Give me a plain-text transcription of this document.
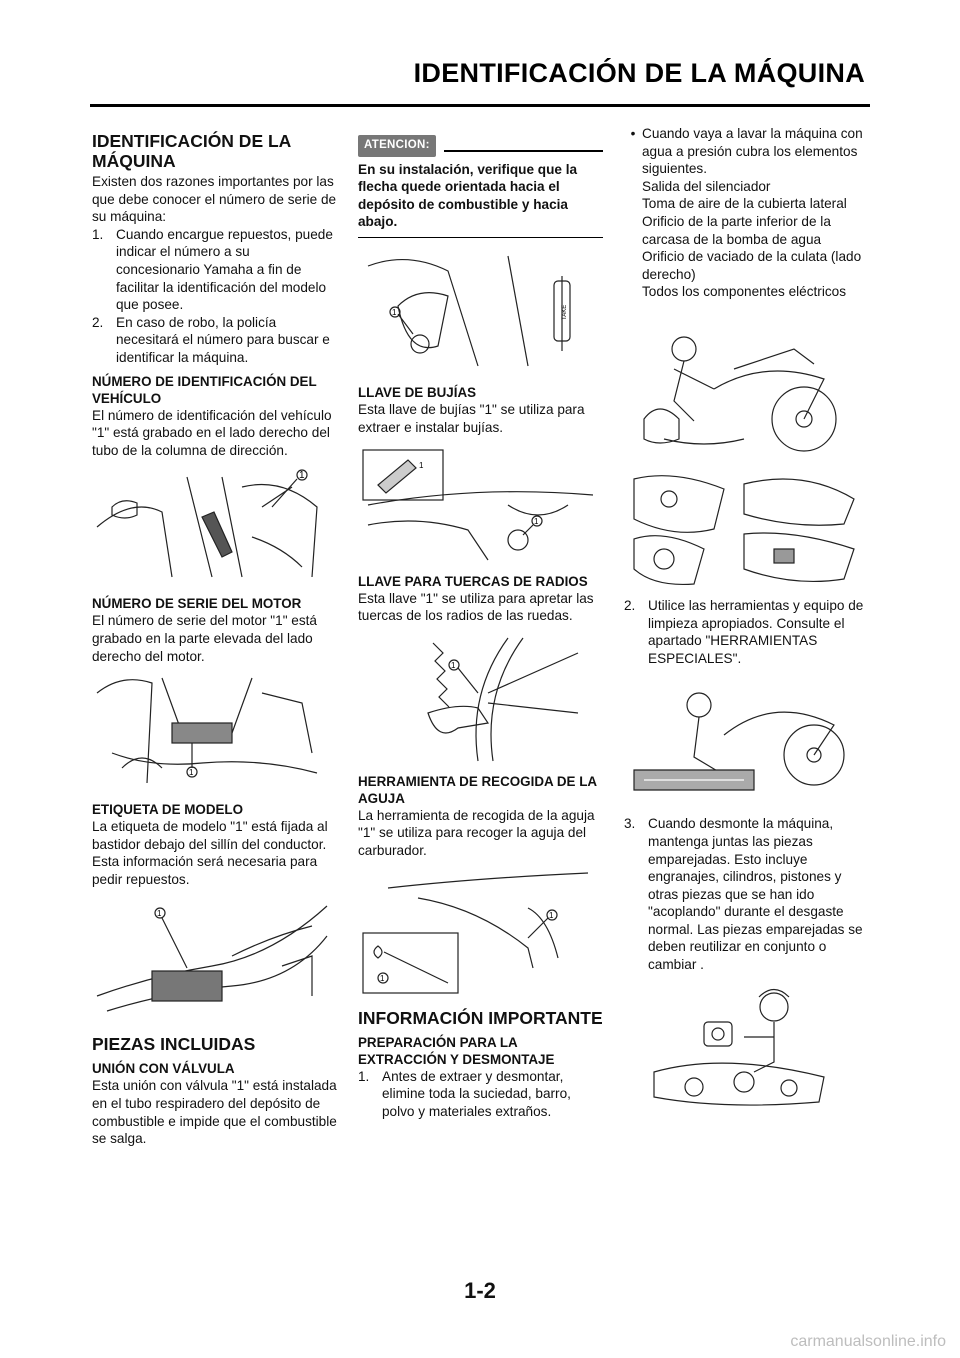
IDENTIFICACIÓN DE LA MÁQUINA
IDENTIFICACIÓN DE LA MÁQUINA

Existen dos razones importantes por las que debe conocer el número de serie de su máquina:

1. Cuando encargue repuestos, puede indicar el número a su concesionario Yamaha a fin de facilitar la identificación del modelo que posee.
2. En caso de robo, la policía necesitará el número para buscar e identificar la máquina.
NÚMERO DE IDENTIFICACIÓN DEL VEHÍCULO

El número de identificación del vehículo "1" está grabado en el lado derecho del tubo de la columna de dirección.

1
NÚMERO DE SERIE DEL MOTOR

El número de serie del motor "1" está grabado en la parte elevada del lado derecho del motor.

1
ETIQUETA DE MODELO

La etiqueta de modelo "1" está fijada al bastidor debajo del sillín del conductor. Esta información será necesaria para pedir repuestos.

1
PIEZAS INCLUIDAS
UNIÓN CON VÁLVULA

Esta unión con válvula "1" está instalada en el tubo respiradero del depósito de combustible e impide que el combustible se salga.

ATENCION:

En su instalación, verifique que la flecha quede orientada hacia el depósito de combustible y hacia abajo.

TAKE
1
LLAVE DE BUJÍAS

Esta llave de bujías "1" se utiliza para extraer e instalar bujías.

1
1
LLAVE PARA TUERCAS DE RADIOS

Esta llave "1" se utiliza para apretar las tuercas de los radios de las ruedas.

1
HERRAMIENTA DE RECOGIDA DE LA AGUJA

La herramienta de recogida de la aguja "1" se utiliza para recoger la aguja del carburador.

1
1
INFORMACIÓN IMPORTANTE
PREPARACIÓN PARA LA EXTRACCIÓN Y DESMONTAJE
1. Antes de extraer y desmontar, elimine toda la suciedad, barro, polvo y materiales extraños.
• Cuando vaya a lavar la máquina con agua a presión cubra los elementos siguientes.

Salida del silenciador

Toma de aire de la cubierta lateral

Orificio de la parte inferior de la carcasa de la bomba de agua

Orificio de vaciado de la culata (lado derecho)

Todos los componentes eléctricos

2. Utilice las herramientas y equipo de limpieza apropiados. Consulte el apartado "HERRAMIENTAS ESPECIALES".
3. Cuando desmonte la máquina, mantenga juntas las piezas emparejadas. Esto incluye engranajes, cilindros, pistones y otras piezas que se han ido "acoplando" durante el desgaste normal. Las piezas emparejadas se deben reutilizar en conjunto o cambiar .
1-2
carmanualsonline.info
